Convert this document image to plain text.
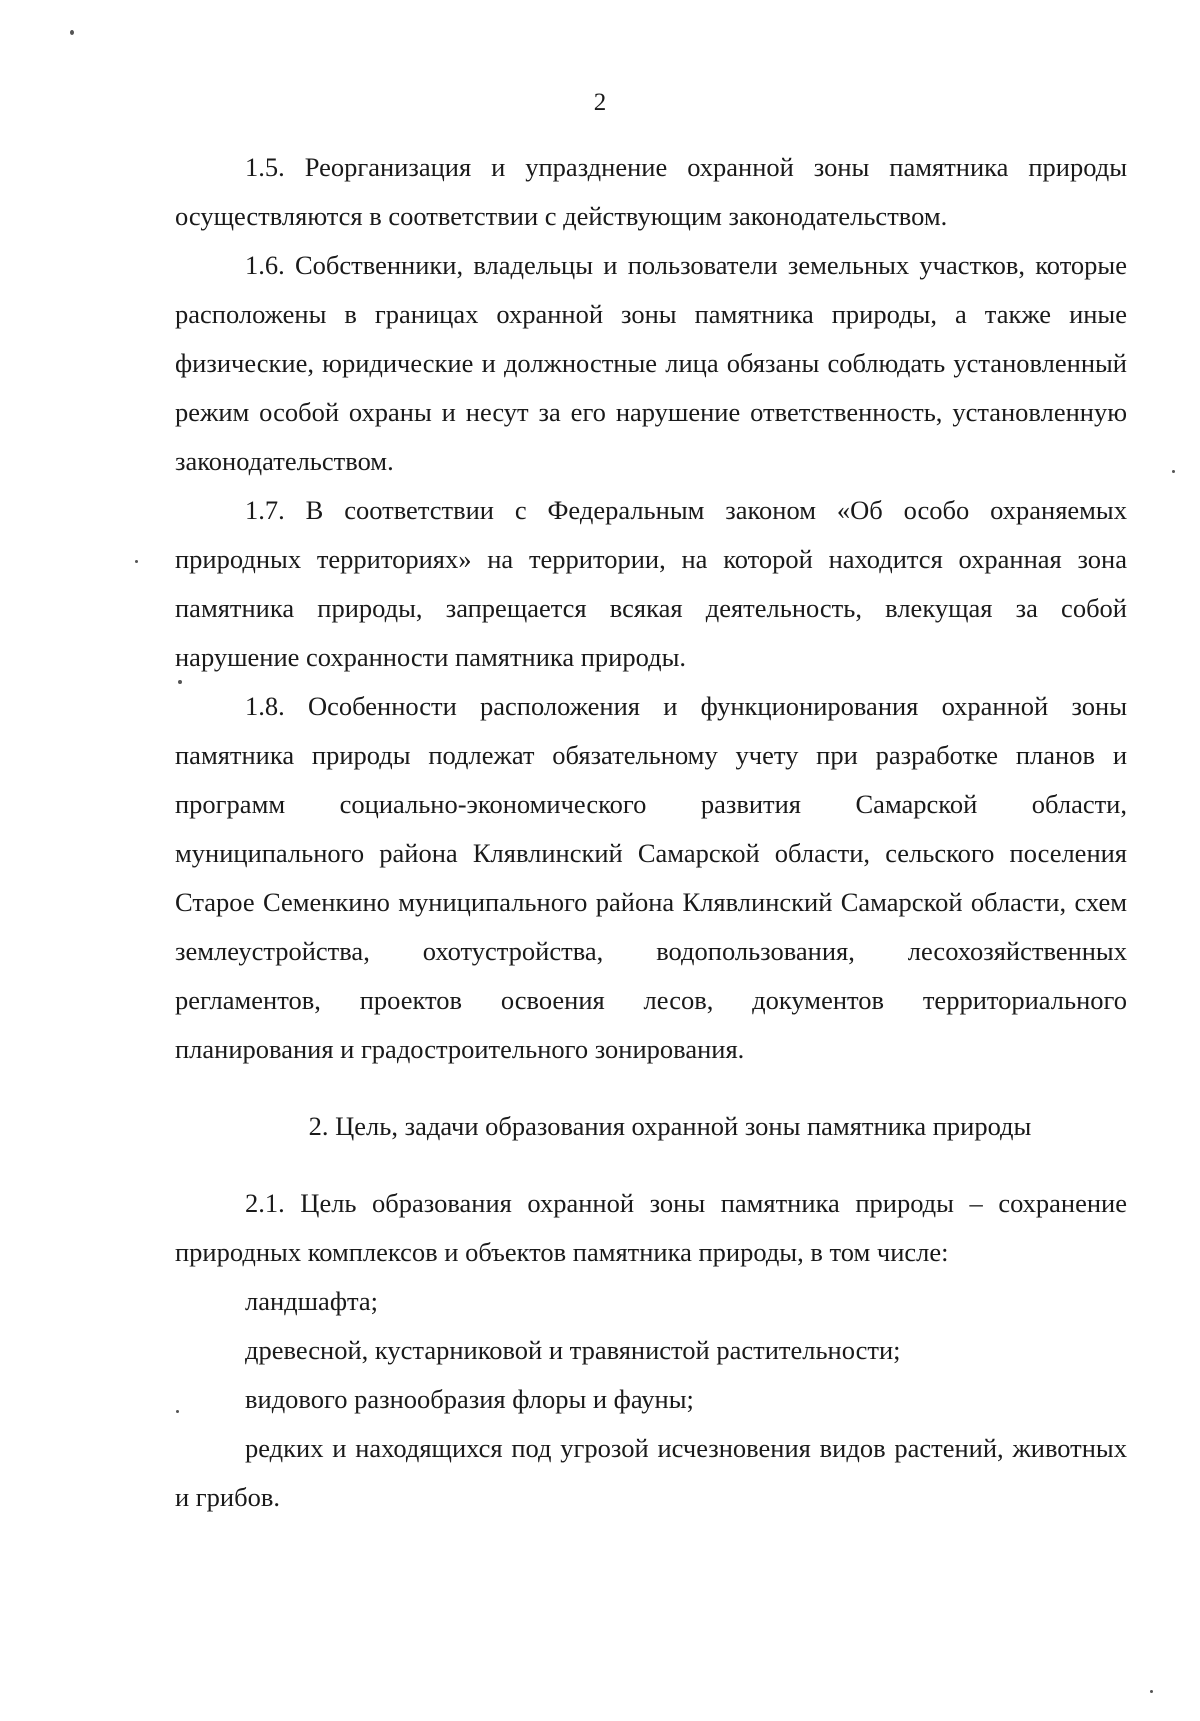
2

1.5. Реорганизация и упразднение охранной зоны памятника природы осуществляются в соответствии с действующим законодательством.

1.6. Собственники, владельцы и пользователи земельных участков, которые расположены в границах охранной зоны памятника природы, а также иные физические, юридические и должностные лица обязаны соблюдать установленный режим особой охраны и несут за его нарушение ответственность, установленную законодательством.

1.7. В соответствии с Федеральным законом «Об особо охраняемых природных территориях» на территории, на которой находится охранная зона памятника природы, запрещается всякая деятельность, влекущая за собой нарушение сохранности памятника природы.

1.8. Особенности расположения и функционирования охранной зоны памятника природы подлежат обязательному учету при разработке планов и программ социально-экономического развития Самарской области, муниципального района Клявлинский Самарской области, сельского поселения Старое Семенкино муниципального района Клявлинский Самарской области, схем землеустройства, охотустройства, водопользования, лесохозяйственных регламентов, проектов освоения лесов, документов территориального планирования и градостроительного зонирования.

2. Цель, задачи образования охранной зоны памятника природы

2.1. Цель образования охранной зоны памятника природы – сохранение природных комплексов и объектов памятника природы, в том числе:

ландшафта;

древесной, кустарниковой и травянистой растительности;

видового разнообразия флоры и фауны;

редких и находящихся под угрозой исчезновения видов растений, животных и грибов.
